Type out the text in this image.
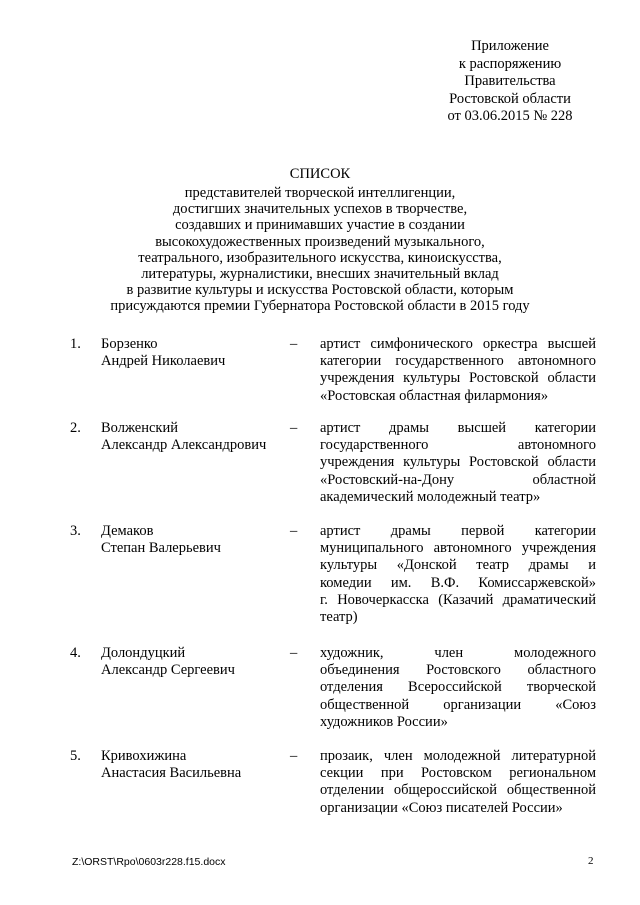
Приложение
к распоряжению
Правительства
Ростовской области
от 03.06.2015 № 228
СПИСОК
представителей творческой интеллигенции,
достигших значительных успехов в творчестве,
создавших и принимавших участие в создании
высокохудожественных произведений музыкального,
театрального, изобразительного искусства, киноискусства,
литературы, журналистики, внесших значительный вклад
в развитие культуры и искусства Ростовской области, которым
присуждаются премии Губернатора Ростовской области в 2015 году
1. Борзенко
Андрей Николаевич
– артист симфонического оркестра высшей
категории государственного автономного
учреждения культуры Ростовской области
«Ростовская областная филармония»
2. Волженский
Александр Александрович
– артист драмы высшей категории
государственного автономного
учреждения культуры Ростовской области
«Ростовский-на-Дону областной
академический молодежный театр»
3. Демаков
Степан Валерьевич
– артист драмы первой категории
муниципального автономного учреждения
культуры «Донской театр драмы и
комедии им. В.Ф. Комиссаржевской»
г. Новочеркасска (Казачий драматический
театр)
4. Долондуцкий
Александр Сергеевич
– художник, член молодежного
объединения Ростовского областного
отделения Всероссийской творческой
общественной организации «Союз
художников России»
5. Кривохижина
Анастасия Васильевна
– прозаик, член молодежной литературной
секции при Ростовском региональном
отделении общероссийской общественной
организации «Союз писателей России»
Z:\ORST\Rpo\0603r228.f15.docx	2
